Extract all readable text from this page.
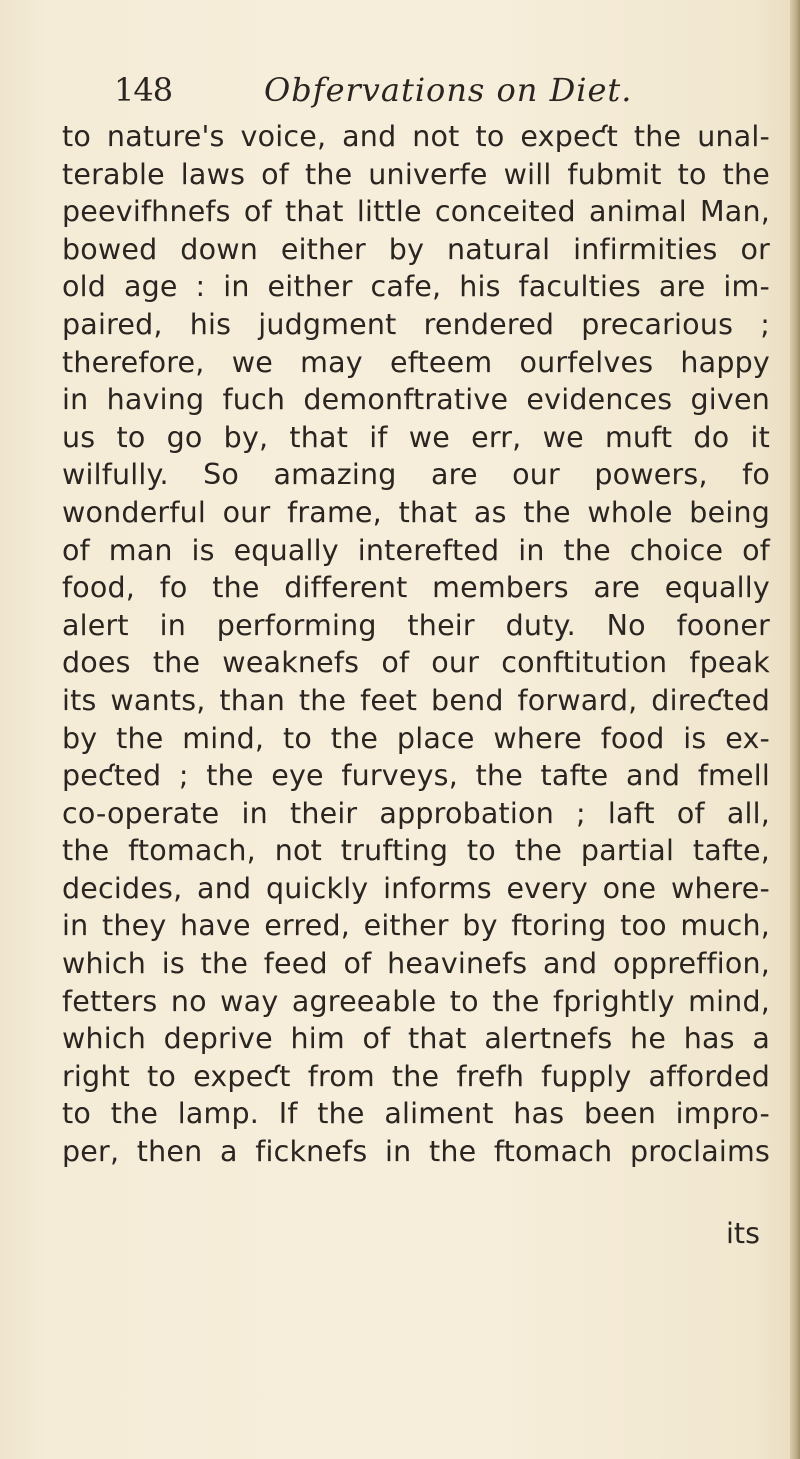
148	Obfervations on Diet.
to nature's voice, and not to expeƈt the unal-
terable laws of the univerfe will fubmit to the
peevifhnefs of that little conceited animal Man,
bowed down either by natural infirmities or
old age : in either cafe, his faculties are im-
paired, his judgment rendered precarious ;
therefore, we may efteem ourfelves happy
in having fuch demonftrative evidences given
us to go by, that if we err, we muft do it
wilfully. So amazing are our powers, fo
wonderful our frame, that as the whole being
of man is equally interefted in the choice of
food, fo the different members are equally
alert in performing their duty. No fooner
does the weaknefs of our conftitution fpeak
its wants, than the feet bend forward, direƈted
by the mind, to the place where food is ex-
peƈted ; the eye furveys, the tafte and fmell
co-operate in their approbation ; laft of all,
the ftomach, not trufting to the partial tafte,
decides, and quickly informs every one where-
in they have erred, either by ftoring too much,
which is the feed of heavinefs and oppreffion,
fetters no way agreeable to the fprightly mind,
which deprive him of that alertnefs he has a
right to expeƈt from the frefh fupply afforded
to the lamp. If the aliment has been impro-
per, then a ficknefs in the ftomach proclaims
its
